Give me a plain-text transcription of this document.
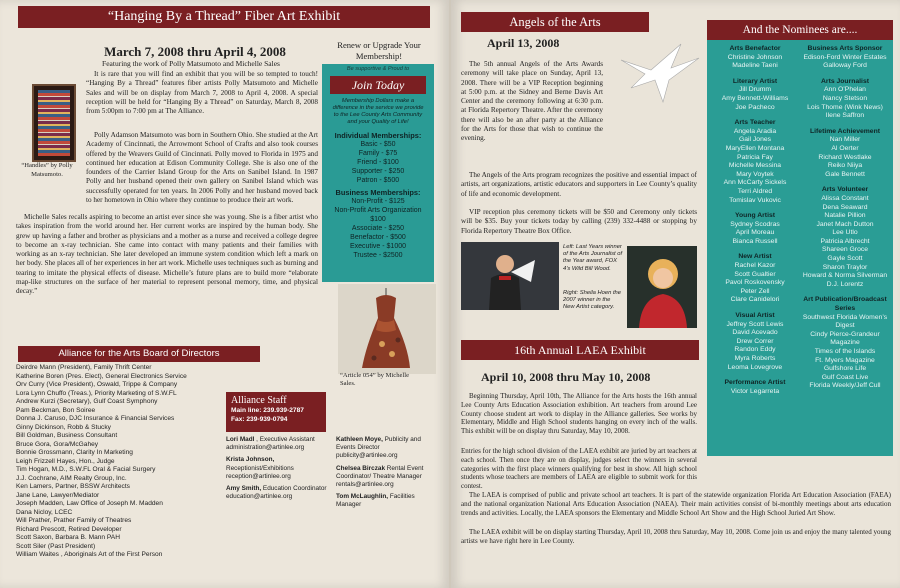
“Hanging By a Thread” Fiber Art Exhibit
March 7, 2008 thru April 4, 2008
Featuring the work of Polly Matsumoto and Michelle Sales
“Handles” by Polly Matsumoto.
It is rare that you will find an exhibit that you will be so tempted to touch! “Hanging By a Thread” features fiber artists Polly Matsumoto and Michelle Sales and will be on display from March 7, 2008 to April 4, 2008. A special reception will be held for “Hanging By a Thread” on Saturday, March 8, 2008 from 5:00pm to 7:00 pm at The Alliance.
Polly Adamson Matsumoto was born in Southern Ohio. She studied at the Art Academy of Cincinnati, the Arrowmont School of Crafts and also took courses offered by the Weavers Guild of Cincinnati. Polly moved to Florida in 1975 and continued her education at Edison Community College. She is also one of the founders of the Carrier Island Group for the Arts on Sanibel Island. In 1987 Polly and her husband opened their own gallery on Sanibel Island which was successfully operated for ten years. In 2006 Polly and her husband moved back to her hometown in Ohio where they continue to produce their art work.
Michelle Sales recalls aspiring to become an artist ever since she was young. She is a fiber artist who takes inspiration from the world around her. Her current works are inspired by the human body. She grew up having a father and brother as physicians and a mother as a nurse and received a college degree to become an x-ray technician. She came into contact with many patients and their families with working as an x-ray technician. She later developed an immune system condition which left a mark on her body. She places all of her experiences in her art work. Michelle uses techniques such as burning and tearing to imitate the physical effects of disease. Michelle’s future plans are to build more “elaborate map-like structures on the surface of her material to represent personal memory, time, and physical decay.”
Renew or Upgrade Your Membership!
Be supportive & Proud to
Join Today
Membership Dollars make a difference in the service we provide to the Lee County Arts Community and your Quality of Life!
Individual Memberships:
Basic - $50
Family - $75
Friend - $100
Supporter - $250
Patron - $500
Business Memberships:
Non-Profit - $125
Non-Profit Arts Organization
$100
Associate - $250
Benefactor - $500
Executive - $1000
Trustee - $2500
“Article 054” by Michelle Sales.
Alliance for the Arts Board of Directors
Deirdre Mann (President), Family Thrift Center
Katherine Boren (Pres. Elect), General Electronics Service
Orv Curry (Vice President), Oswald, Trippe & Company
Lora Lynn Chuffo (Treas.), Priority Marketing of S.W.FL
Andrew Kurzi (Secretary), Gulf Coast Symphony
Pam Beckman, Bon Soiree
Donna J. Caruso, DJC Insurance & Financial Services
Ginny Dickinson, Robb & Stucky
Bill Goldman, Business Consultant
Bruce Gora, Gora/McGahey
Bonnie Grossmann, Clarity In Marketing
Leigh Frizzell Hayes, Hon., Judge
Tim Hogan, M.D., S.W.FL Oral & Facial Surgery
J.J. Cochrane, AIM Realty Group, Inc.
Ken Lamers, Partner, BSSW Architects
Jane Lane, Lawyer/Mediator
Joseph Madden, Law Office of Joseph M. Madden
Dana Nicloy, LCEC
Will Prather, Prather Family of Theatres
Richard Prescott, Retired Developer
Scott Saxon, Barbara B. Mann PAH
Scott Siler (Past President)
William Waites , Aboriginals Art of the First Person
Alliance Staff
Main line: 239.939-2787
Fax: 239-939-0794
Lori Madl , Executive Assistant
administration@artinlee.org
Krista Johnson, Receptionist/Exhibitions
reception@artinlee.org
Amy Smith, Education Coordinator
education@artinlee.org
Kathleen Moye, Publicity and Events Director
publicity@artinlee.org
Chelsea Birczak Rental Event Coordinator/ Theatre Manager
rentals@artinlee.org
Tom McLaughlin, Facilities Manager
Angels of the Arts
April 13, 2008
The 5th annual Angels of the Arts Awards ceremony will take place on Sunday, April 13, 2008. There will be a VIP Reception beginning at 5:00 p.m. at the Sidney and Berne Davis Art Center and the ceremony following at 6:30 p.m. at Florida Repertory Theatre. After the ceremony there will also be an after party at the Alliance for the Arts for those that wish to continue the evening.
The Angels of the Arts program recognizes the positive and essential impact of artists, art organizations, artistic educators and supporters in Lee County’s quality of life and economic development.
VIP reception plus ceremony tickets will be $50 and Ceremony only tickets will be $35. Buy your tickets today by calling (239) 332-4488 or stopping by Florida Repertory Theatre Box Office.
Left: Last Years winner of the Arts Journalist of the Year award, FOX 4’s Wild Bill Wood.
Right: Sheila Hoen the 2007 winner in the New Artist category.
16th Annual LAEA Exhibit
April 10, 2008 thru May 10, 2008
Beginning Thursday, April 10th, The Alliance for the Arts hosts the 16th annual Lee County Arts Education Association exhibition. Art teachers from around Lee County choose student art work to display in the Alliance galleries. See works by Elementary, Middle and High School students hanging on every inch of the walls. This exhibit will be on display thru Saturday, May 10, 2008.
Entries for the high school division of the LAEA exhibit are juried by art teachers at each school. Then once they are on display, judges select the winners in several categories with the first place winners qualifying for best in show. All high school students whose teachers are members of LAEA are eligible to submit work for this contest.
The LAEA is comprised of public and private school art teachers. It is part of the statewide organization Florida Art Education Association (FAEA) and the national organization National Arts Education Association (NAEA). Their main activities consist of bi-monthly meetings about arts education trends and activities. Locally, the LAEA sponsors the Elementary and Middle School Art Show and the High School Juried Art Show.
The LAEA exhibit will be on display starting Thursday, April 10, 2008 thru Saturday, May 10, 2008. Come join us and enjoy the many talented young artists we have right here in Lee County.
And the Nominees are....
Arts Benefactor
Christine Johnson
Madeline Taeni
Literary Artist
Jill Drumm
Amy Bennett-Williams
Joe Pacheco
Arts Teacher
Angela Aradia
Gail Jones
MaryEllen Montana
Patricia Fay
Michelle Messina
Mary Voytek
Ann McCarty Sickels
Terri Aldred
Tomislav Vukovic
Young Artist
Sydney Scodras
April Moreau
Bianca Russell
New Artist
Rachel Kazor
Scott Gualtier
Pavol Roskovensky
Peter Zell
Clare Canidelori
Visual Artist
Jeffrey Scott Lewis
David Acevado
Drew Correr
Randon Eddy
Myra Roberts
Leoma Lovegrove
Performance Artist
Victor Legarreta
Business Arts Sponsor
Edison-Ford Winter Estates
Galloway Ford
Arts Journalist
Ann O’Phelan
Nancy Stetson
Lois Thome (Wink News)
Ilene Saffron
Lifetime Achievement
Nan Miller
Al Oerter
Richard Westlake
Reiko Niiya
Gale Bennett
Arts Volunteer
Alissa Constant
Dena Seaward
Natalie Pillion
Janet Mach Dutton
Lee Utlo
Patricia Albrecht
Shareen Groce
Gayle Scott
Sharon Traylor
Howard & Norma Silverman
D.J. Lorentz
Art Publication/Broadcast Series
Southwest Florida Women’s Digest
Cindy Pierce-Grandeur Magazine
Times of the Islands
Ft. Myers Magazine
Gulfshore Life
Gulf Coast Live
Florida Weekly/Jeff Cull
